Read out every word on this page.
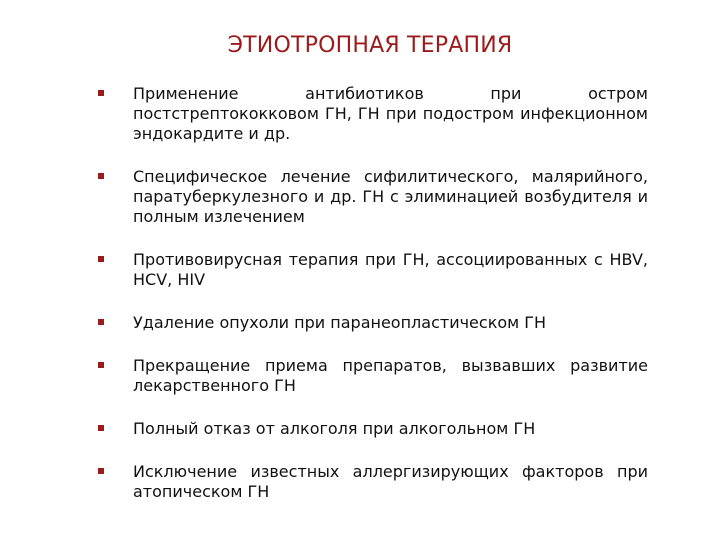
ЭТИОТРОПНАЯ ТЕРАПИЯ
Применение антибиотиков при остром постстрептококковом ГН, ГН при подостром инфекционном эндокардите и др.
Специфическое лечение сифилитического, малярийного, паратуберкулезного и др. ГН с элиминацией возбудителя и полным излечением
Противовирусная терапия при ГН, ассоциированных с HBV, HCV, HIV
Удаление опухоли при паранеопластическом ГН
Прекращение приема препаратов, вызвавших развитие лекарственного ГН
Полный отказ от алкоголя при алкогольном ГН
Исключение известных аллергизирующих факторов при атопическом ГН
